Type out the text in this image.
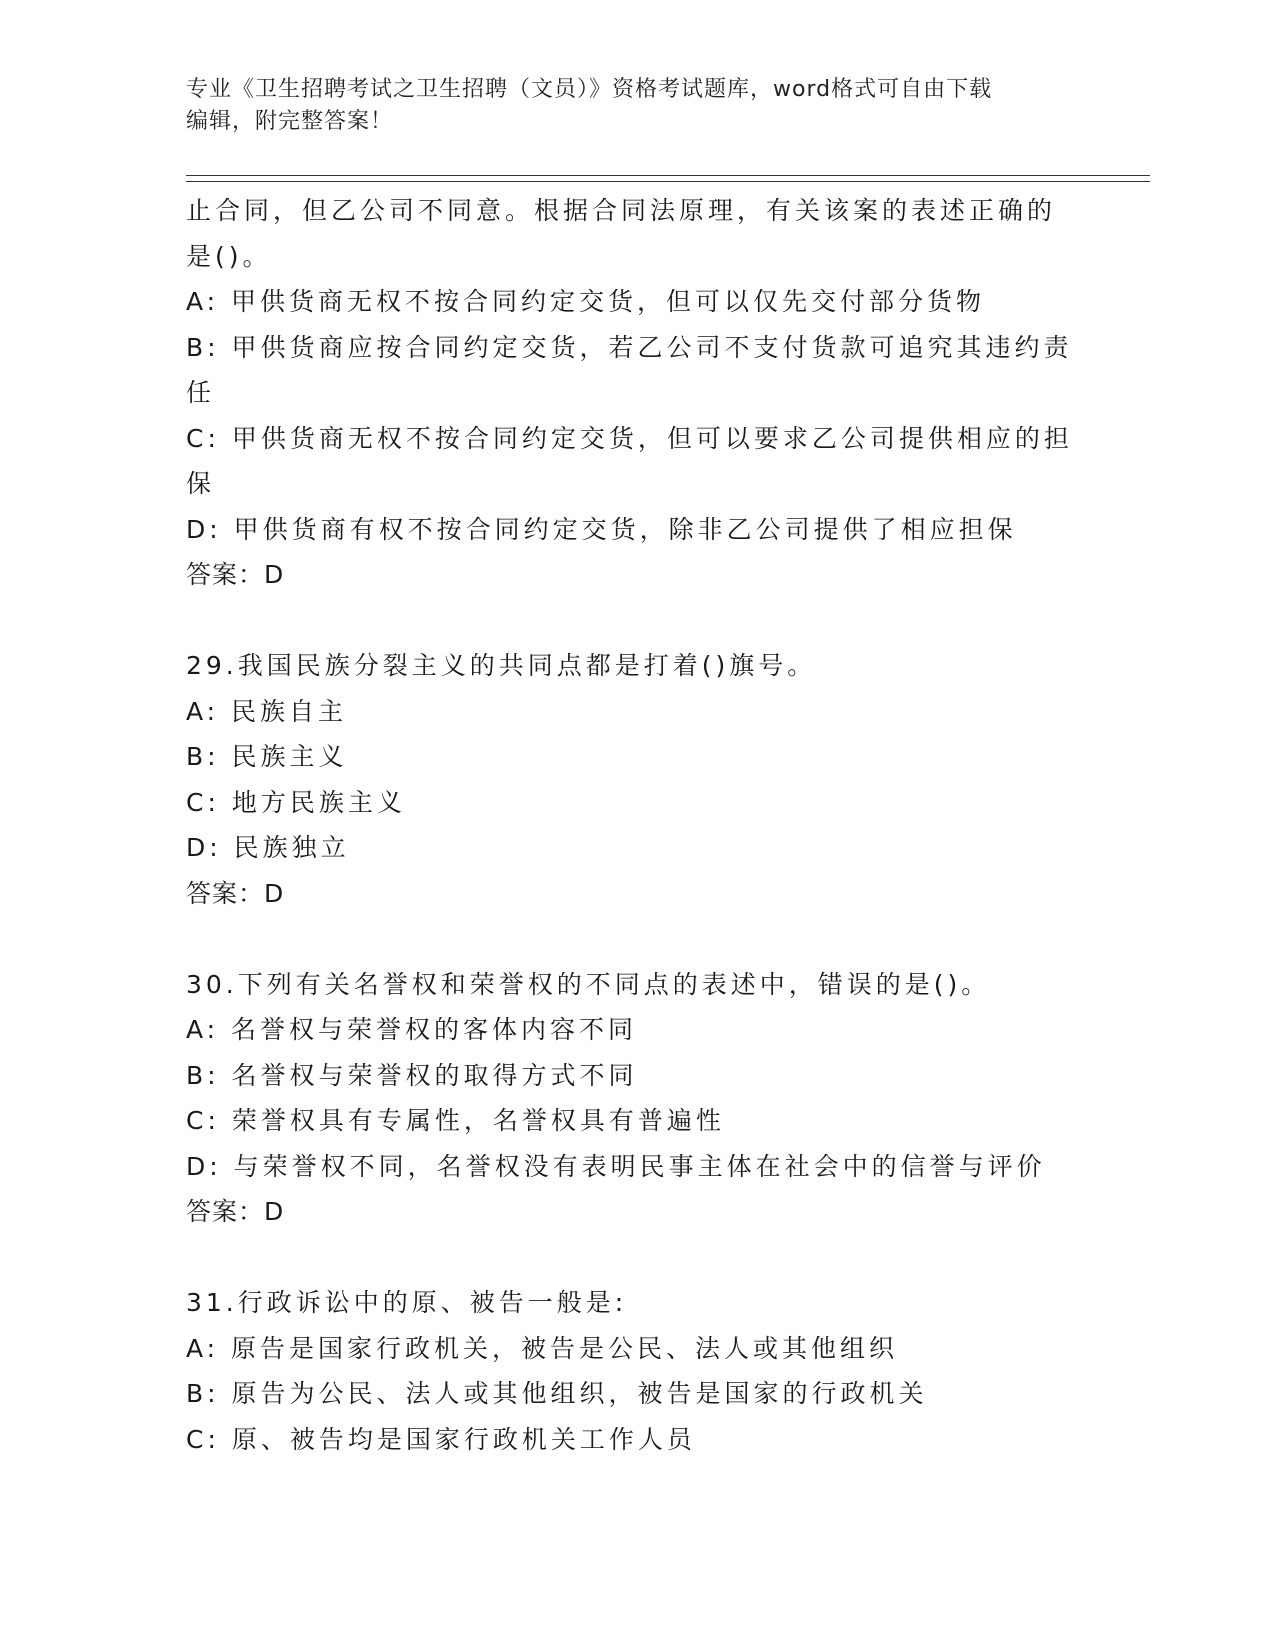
专业《卫生招聘考试之卫生招聘（文员）》资格考试题库，word格式可自由下载
编辑，附完整答案！
止合同，但乙公司不同意。根据合同法原理，有关该案的表述正确的
是()。
A: 甲供货商无权不按合同约定交货，但可以仅先交付部分货物
B: 甲供货商应按合同约定交货，若乙公司不支付货款可追究其违约责
任
C: 甲供货商无权不按合同约定交货，但可以要求乙公司提供相应的担
保
D: 甲供货商有权不按合同约定交货，除非乙公司提供了相应担保
答案：D
29.我国民族分裂主义的共同点都是打着()旗号。
A: 民族自主
B: 民族主义
C: 地方民族主义
D: 民族独立
答案：D
30.下列有关名誉权和荣誉权的不同点的表述中，错误的是()。
A: 名誉权与荣誉权的客体内容不同
B: 名誉权与荣誉权的取得方式不同
C: 荣誉权具有专属性，名誉权具有普遍性
D: 与荣誉权不同，名誉权没有表明民事主体在社会中的信誉与评价
答案：D
31.行政诉讼中的原、被告一般是:
A: 原告是国家行政机关，被告是公民、法人或其他组织
B: 原告为公民、法人或其他组织，被告是国家的行政机关
C: 原、被告均是国家行政机关工作人员
